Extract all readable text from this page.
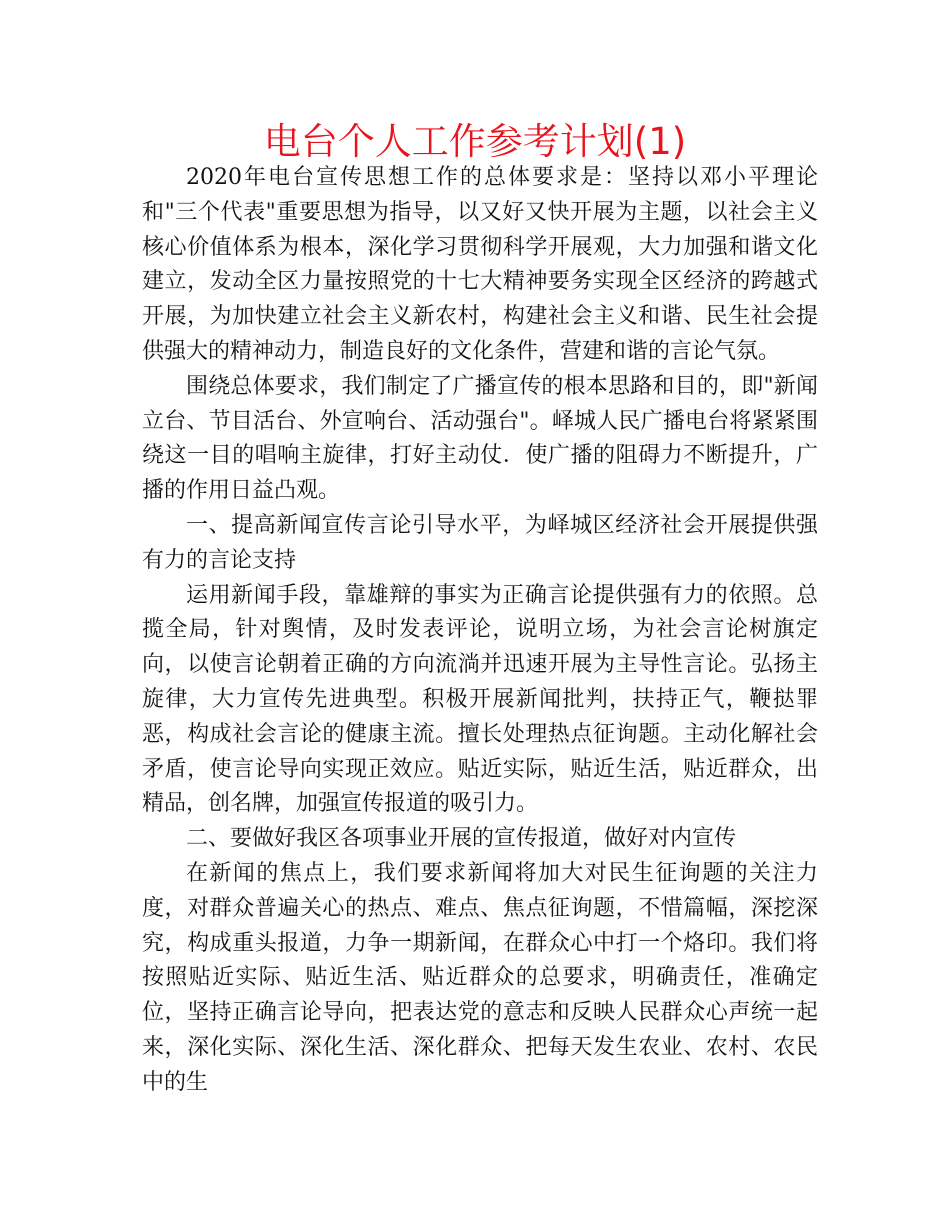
电台个人工作参考计划(1)

2020年电台宣传思想工作的总体要求是：坚持以邓小平理论和"三个代表"重要思想为指导，以又好又快开展为主题，以社会主义核心价值体系为根本，深化学习贯彻科学开展观，大力加强和谐文化建立，发动全区力量按照党的十七大精神要务实现全区经济的跨越式开展，为加快建立社会主义新农村，构建社会主义和谐、民生社会提供强大的精神动力，制造良好的文化条件，营建和谐的言论气氛。

围绕总体要求，我们制定了广播宣传的根本思路和目的，即"新闻立台、节目活台、外宣响台、活动强台"。峄城人民广播电台将紧紧围绕这一目的唱响主旋律，打好主动仗．使广播的阻碍力不断提升，广播的作用日益凸观。

一、提高新闻宣传言论引导水平，为峄城区经济社会开展提供强有力的言论支持

运用新闻手段，靠雄辩的事实为正确言论提供强有力的依照。总揽全局，针对舆情，及时发表评论，说明立场，为社会言论树旗定向，以使言论朝着正确的方向流淌并迅速开展为主导性言论。弘扬主旋律，大力宣传先进典型。积极开展新闻批判，扶持正气，鞭挞罪恶，构成社会言论的健康主流。擅长处理热点征询题。主动化解社会矛盾，使言论导向实现正效应。贴近实际，贴近生活，贴近群众，出精品，创名牌，加强宣传报道的吸引力。

二、要做好我区各项事业开展的宣传报道，做好对内宣传

在新闻的焦点上，我们要求新闻将加大对民生征询题的关注力度，对群众普遍关心的热点、难点、焦点征询题，不惜篇幅，深挖深究，构成重头报道，力争一期新闻，在群众心中打一个烙印。我们将按照贴近实际、贴近生活、贴近群众的总要求，明确责任，准确定位，坚持正确言论导向，把表达党的意志和反映人民群众心声统一起来，深化实际、深化生活、深化群众、把每天发生农业、农村、农民中的生
